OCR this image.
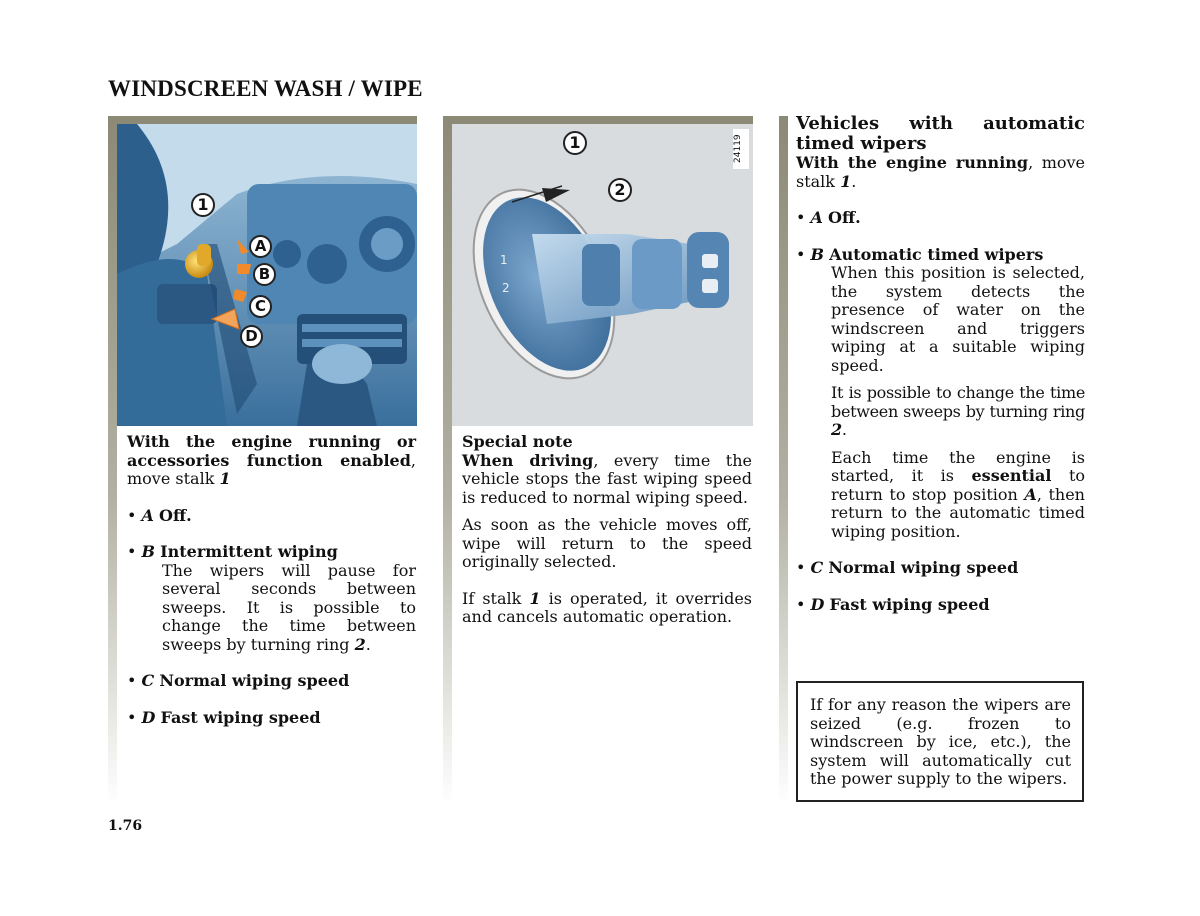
WINDSCREEN WASH / WIPE
1
A
B
C
D
1
2
24119
1
2

With the engine running or accessories function enabled, move stalk 1

• A Off.
• B Intermittent wiping

The wipers will pause for several seconds between sweeps. It is possible to change the time between sweeps by turning ring 2.

• C Normal wiping speed
• D Fast wiping speed

Special note

When driving, every time the vehicle stops the fast wiping speed is reduced to normal wiping speed.

As soon as the vehicle moves off, wipe will return to the speed originally selected.

If stalk 1 is operated, it overrides and cancels automatic operation.

Vehicles with automatic timed wipers

With the engine running, move stalk 1.

• A Off.
• B Automatic timed wipers

When this position is selected, the system detects the presence of water on the windscreen and triggers wiping at a suitable wiping speed.

It is possible to change the time between sweeps by turning ring 2.

Each time the engine is started, it is essential to return to stop position A, then return to the automatic timed wiping position.

• C Normal wiping speed
• D Fast wiping speed
If for any reason the wipers are seized (e.g. frozen to windscreen by ice, etc.), the system will automatically cut the power supply to the wipers.
1.76
